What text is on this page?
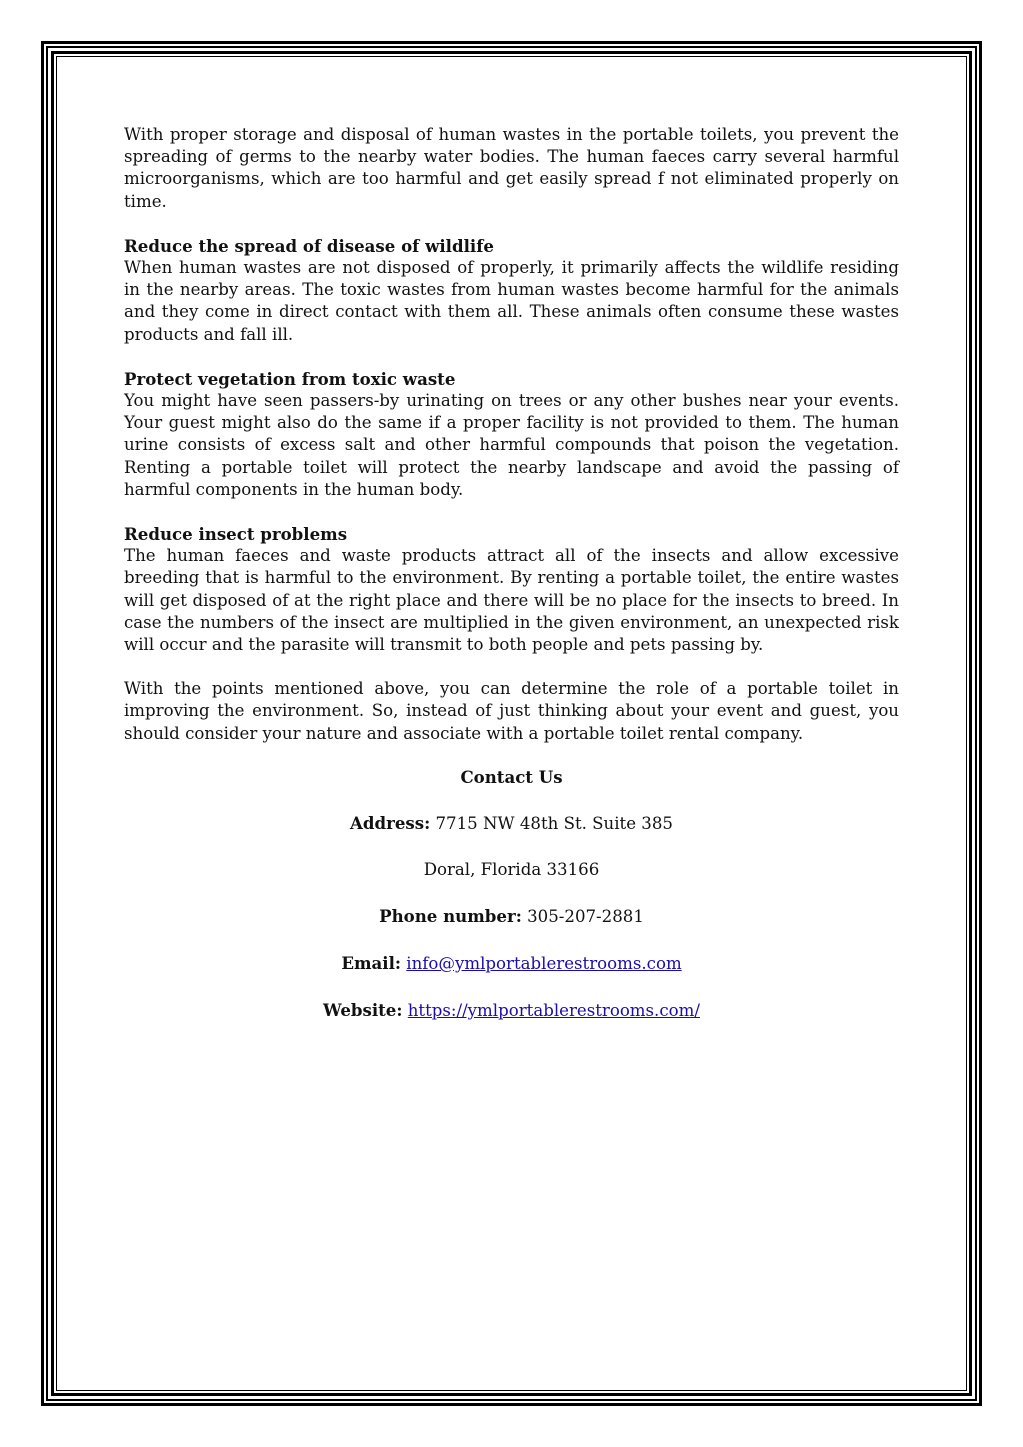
With proper storage and disposal of human wastes in the portable toilets, you prevent the spreading of germs to the nearby water bodies. The human faeces carry several harmful microorganisms, which are too harmful and get easily spread f not eliminated properly on time.

Reduce the spread of disease of wildlife

When human wastes are not disposed of properly, it primarily affects the wildlife residing in the nearby areas. The toxic wastes from human wastes become harmful for the animals and they come in direct contact with them all. These animals often consume these wastes products and fall ill.

Protect vegetation from toxic waste

You might have seen passers-by urinating on trees or any other bushes near your events. Your guest might also do the same if a proper facility is not provided to them. The human urine consists of excess salt and other harmful compounds that poison the vegetation. Renting a portable toilet will protect the nearby landscape and avoid the passing of harmful components in the human body.

Reduce insect problems

The human faeces and waste products attract all of the insects and allow excessive breeding that is harmful to the environment. By renting a portable toilet, the entire wastes will get disposed of at the right place and there will be no place for the insects to breed. In case the numbers of the insect are multiplied in the given environment, an unexpected risk will occur and the parasite will transmit to both people and pets passing by.

With the points mentioned above, you can determine the role of a portable toilet in improving the environment. So, instead of just thinking about your event and guest, you should consider your nature and associate with a portable toilet rental company.

Contact Us

Address: 7715 NW 48th St. Suite 385

Doral, Florida 33166

Phone number: 305-207-2881

Email: info@ymlportablerestrooms.com

Website: https://ymlportablerestrooms.com/
